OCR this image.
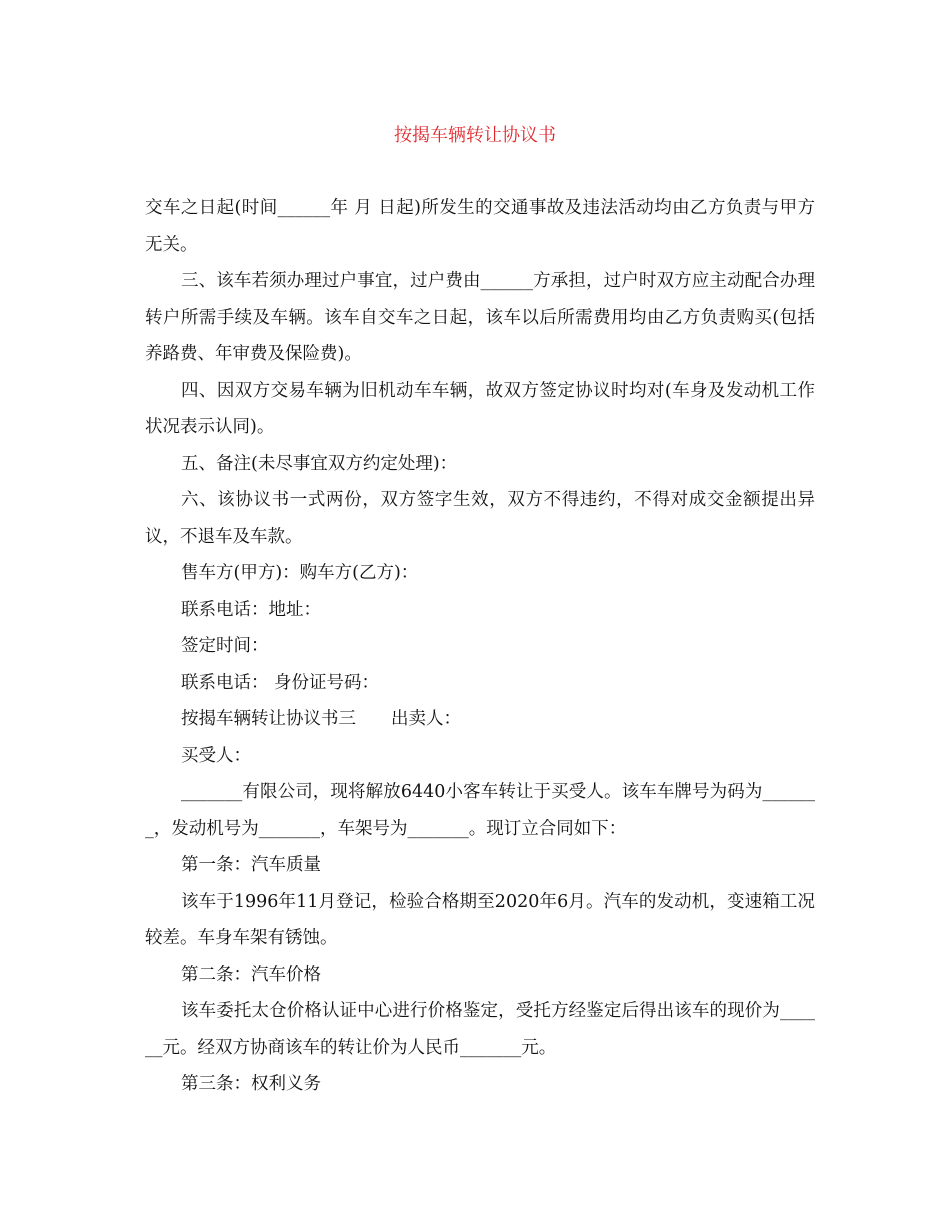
按揭车辆转让协议书

交车之日起(时间______年 月 日起)所发生的交通事故及违法活动均由乙方负责与甲方无关。

三、该车若须办理过户事宜，过户费由______方承担，过户时双方应主动配合办理转户所需手续及车辆。该车自交车之日起，该车以后所需费用均由乙方负责购买(包括养路费、年审费及保险费)。

四、因双方交易车辆为旧机动车车辆，故双方签定协议时均对(车身及发动机工作状况表示认同)。

五、备注(未尽事宜双方约定处理)：

六、该协议书一式两份，双方签字生效，双方不得违约，不得对成交金额提出异议，不退车及车款。

售车方(甲方)：购车方(乙方)：

联系电话：地址：

签定时间：

联系电话： 身份证号码：

按揭车辆转让协议书三　　出卖人：

买受人：

_______有限公司，现将解放6440小客车转让于买受人。该车车牌号为码为_______，发动机号为_______，车架号为_______。现订立合同如下：

第一条：汽车质量

该车于1996年11月登记，检验合格期至2020年6月。汽车的发动机，变速箱工况较差。车身车架有锈蚀。

第二条：汽车价格

该车委托太仓价格认证中心进行价格鉴定，受托方经鉴定后得出该车的现价为______元。经双方协商该车的转让价为人民币_______元。

第三条：权利义务
